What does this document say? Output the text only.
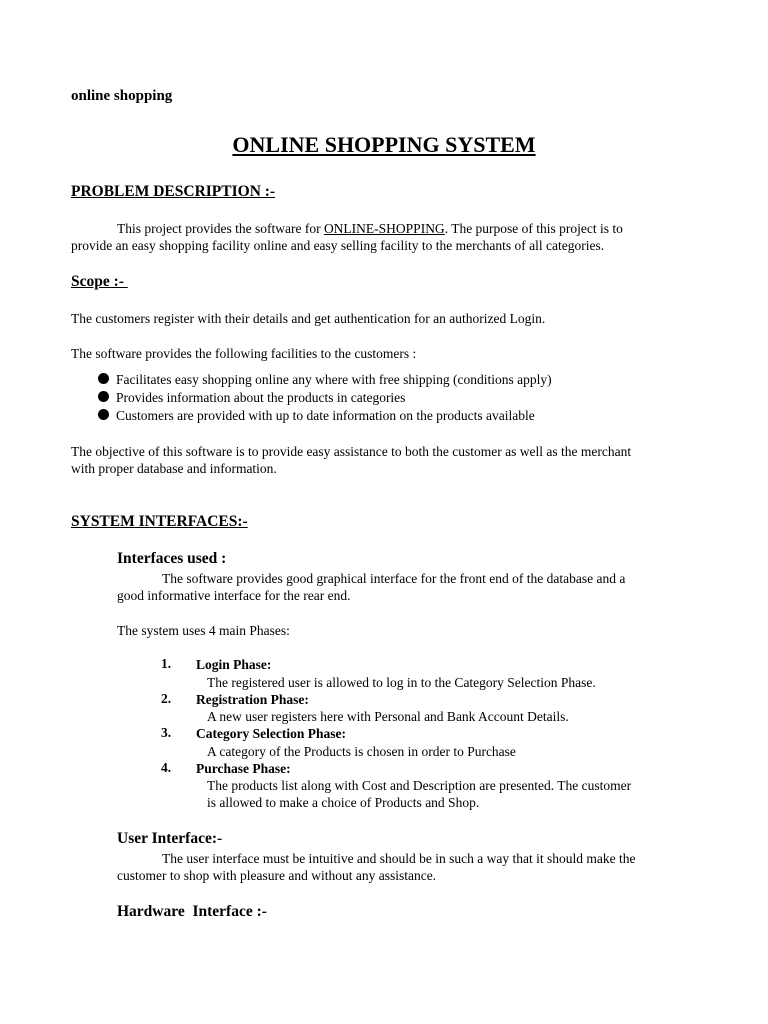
online shopping
ONLINE SHOPPING SYSTEM
PROBLEM DESCRIPTION :-
This project provides the software for ONLINE-SHOPPING. The purpose of this project is to
provide an easy shopping facility online and easy selling facility to the merchants of all categories.
Scope :-
The customers register with their details and get authentication for an authorized Login.
The software provides the following facilities to the customers :
Facilitates easy shopping online any where with free shipping (conditions apply)
Provides information about the products in categories
Customers are provided with up to date information on the products available
The objective of this software is to provide easy assistance to both the customer as well as the merchant
with proper database and information.
SYSTEM INTERFACES:-
Interfaces used :
The software provides good graphical interface for the front end of the database and a
good informative interface for the rear end.
The system uses 4 main Phases:
1. Login Phase:
The registered user is allowed to log in to the Category Selection Phase.
2. Registration Phase:
A new user registers here with Personal and Bank Account Details.
3. Category Selection Phase:
A category of the Products is chosen in order to Purchase
4. Purchase Phase:
The products list along with Cost and Description are presented. The customer
is allowed to make a choice of Products and Shop.
User Interface:-
The user interface must be intuitive and should be in such a way that it should make the
customer to shop with pleasure and without any assistance.
Hardware  Interface :-
